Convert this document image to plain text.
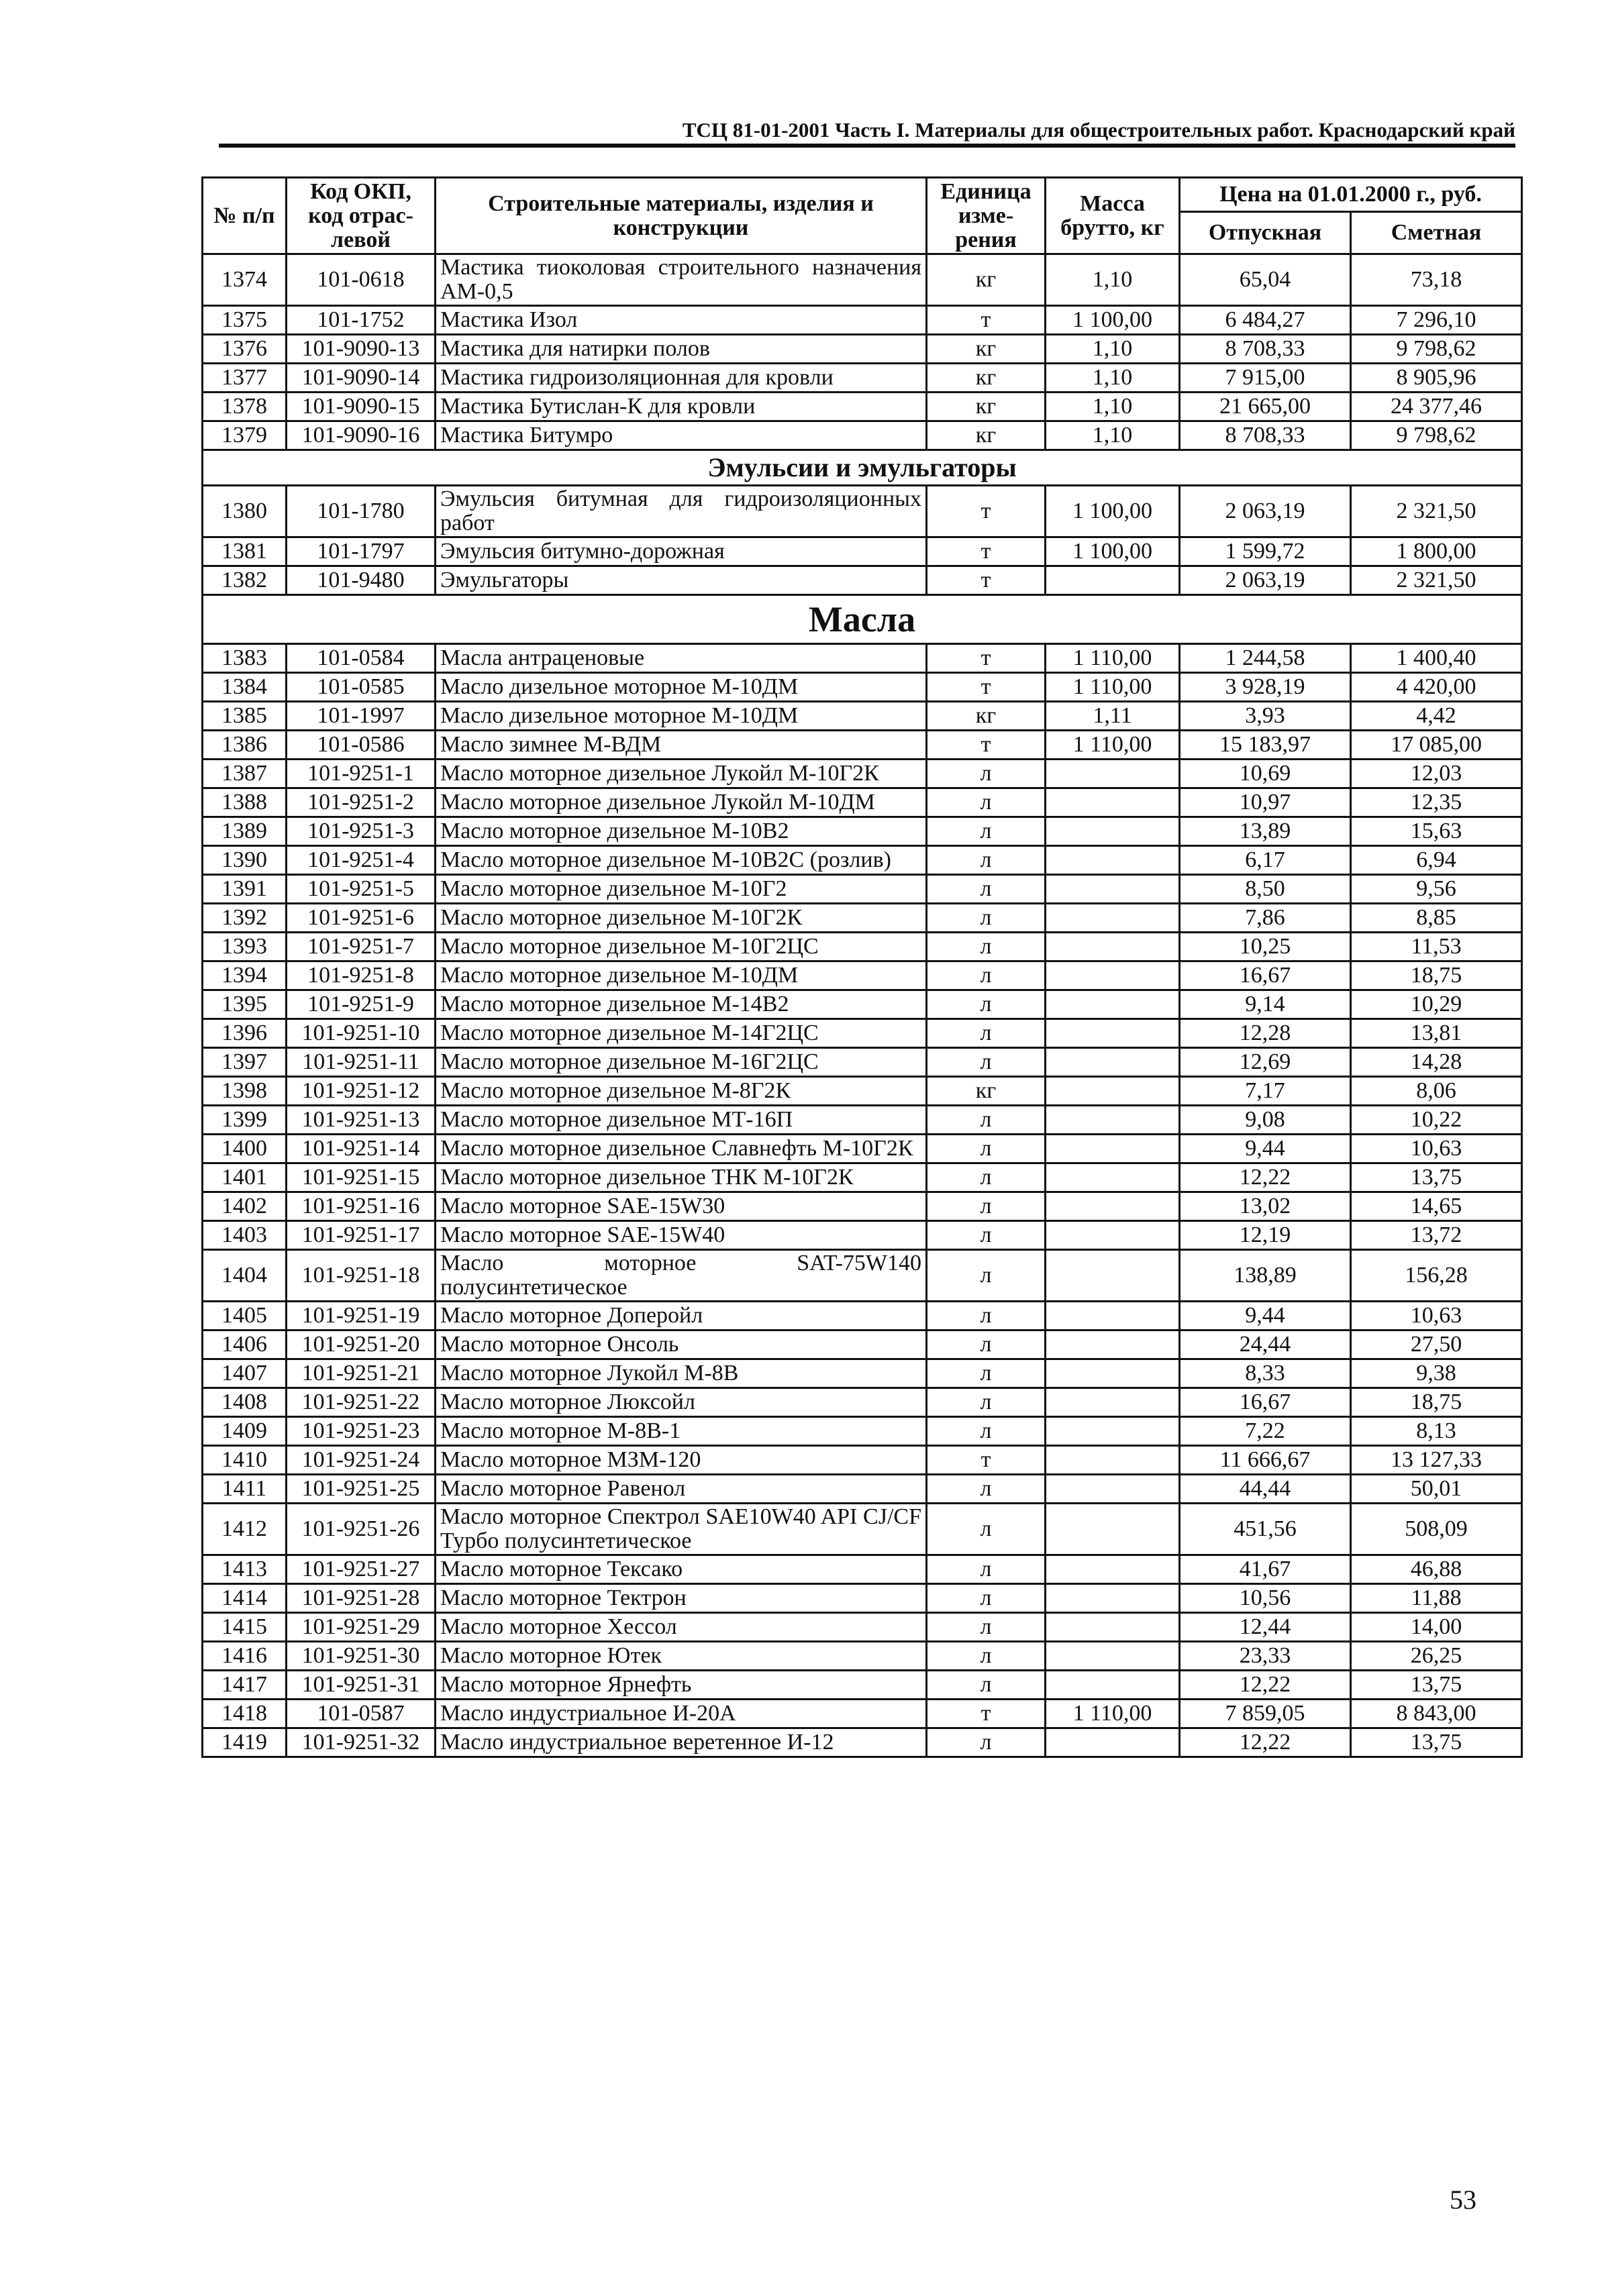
ТСЦ 81-01-2001 Часть I. Материалы для общестроительных работ. Краснодарский край
№ п/п	Код ОКП, код отрас-левой	Строительные материалы, изделия и конструкции	Единица изме-рения	Масса брутто, кг	Цена на 01.01.2000 г., руб.	
					Отпускная	Сметная
1374	101-0618	Мастика тиоколовая строительного назначения АМ-0,5	кг	1,10	65,04	73,18
1375	101-1752	Мастика Изол	т	1 100,00	6 484,27	7 296,10
1376	101-9090-13	Мастика для натирки полов	кг	1,10	8 708,33	9 798,62
1377	101-9090-14	Мастика гидроизоляционная для кровли	кг	1,10	7 915,00	8 905,96
1378	101-9090-15	Мастика Бутислан-К для кровли	кг	1,10	21 665,00	24 377,46
1379	101-9090-16	Мастика Битумро	кг	1,10	8 708,33	9 798,62
Эмульсии и эмульгаторы						
1380	101-1780	Эмульсия битумная для гидроизоляционных работ	т	1 100,00	2 063,19	2 321,50
1381	101-1797	Эмульсия битумно-дорожная	т	1 100,00	1 599,72	1 800,00
1382	101-9480	Эмульгаторы	т		2 063,19	2 321,50
Масла						
1383	101-0584	Масла антраценовые	т	1 110,00	1 244,58	1 400,40
1384	101-0585	Масло дизельное моторное М-10ДМ	т	1 110,00	3 928,19	4 420,00
1385	101-1997	Масло дизельное моторное М-10ДМ	кг	1,11	3,93	4,42
1386	101-0586	Масло зимнее М-ВДМ	т	1 110,00	15 183,97	17 085,00
1387	101-9251-1	Масло моторное дизельное Лукойл М-10Г2К	л		10,69	12,03
1388	101-9251-2	Масло моторное дизельное Лукойл М-10ДМ	л		10,97	12,35
1389	101-9251-3	Масло моторное дизельное М-10В2	л		13,89	15,63
1390	101-9251-4	Масло моторное дизельное М-10В2С (розлив)	л		6,17	6,94
1391	101-9251-5	Масло моторное дизельное М-10Г2	л		8,50	9,56
1392	101-9251-6	Масло моторное дизельное М-10Г2К	л		7,86	8,85
1393	101-9251-7	Масло моторное дизельное М-10Г2ЦС	л		10,25	11,53
1394	101-9251-8	Масло моторное дизельное М-10ДМ	л		16,67	18,75
1395	101-9251-9	Масло моторное дизельное М-14В2	л		9,14	10,29
1396	101-9251-10	Масло моторное дизельное М-14Г2ЦС	л		12,28	13,81
1397	101-9251-11	Масло моторное дизельное М-16Г2ЦС	л		12,69	14,28
1398	101-9251-12	Масло моторное дизельное М-8Г2К	кг		7,17	8,06
1399	101-9251-13	Масло моторное дизельное МТ-16П	л		9,08	10,22
1400	101-9251-14	Масло моторное дизельное Славнефть М-10Г2К	л		9,44	10,63
1401	101-9251-15	Масло моторное дизельное ТНК М-10Г2К	л		12,22	13,75
1402	101-9251-16	Масло моторное SAE-15W30	л		13,02	14,65
1403	101-9251-17	Масло моторное SAE-15W40	л		12,19	13,72
1404	101-9251-18	Масло моторное SAT-75W140 полусинтетическое	л		138,89	156,28
1405	101-9251-19	Масло моторное Доперойл	л		9,44	10,63
1406	101-9251-20	Масло моторное Онсоль	л		24,44	27,50
1407	101-9251-21	Масло моторное Лукойл М-8В	л		8,33	9,38
1408	101-9251-22	Масло моторное Люксойл	л		16,67	18,75
1409	101-9251-23	Масло моторное М-8В-1	л		7,22	8,13
1410	101-9251-24	Масло моторное МЗМ-120	т		11 666,67	13 127,33
1411	101-9251-25	Масло моторное Равенол	л		44,44	50,01
1412	101-9251-26	Масло моторное Спектрол SAE10W40 API CJ/CF Турбо полусинтетическое	л		451,56	508,09
1413	101-9251-27	Масло моторное Тексако	л		41,67	46,88
1414	101-9251-28	Масло моторное Тектрон	л		10,56	11,88
1415	101-9251-29	Масло моторное Хессол	л		12,44	14,00
1416	101-9251-30	Масло моторное Ютек	л		23,33	26,25
1417	101-9251-31	Масло моторное Ярнефть	л		12,22	13,75
1418	101-0587	Масло индустриальное И-20А	т	1 110,00	7 859,05	8 843,00
1419	101-9251-32	Масло индустриальное веретенное И-12	л		12,22	13,75
53
